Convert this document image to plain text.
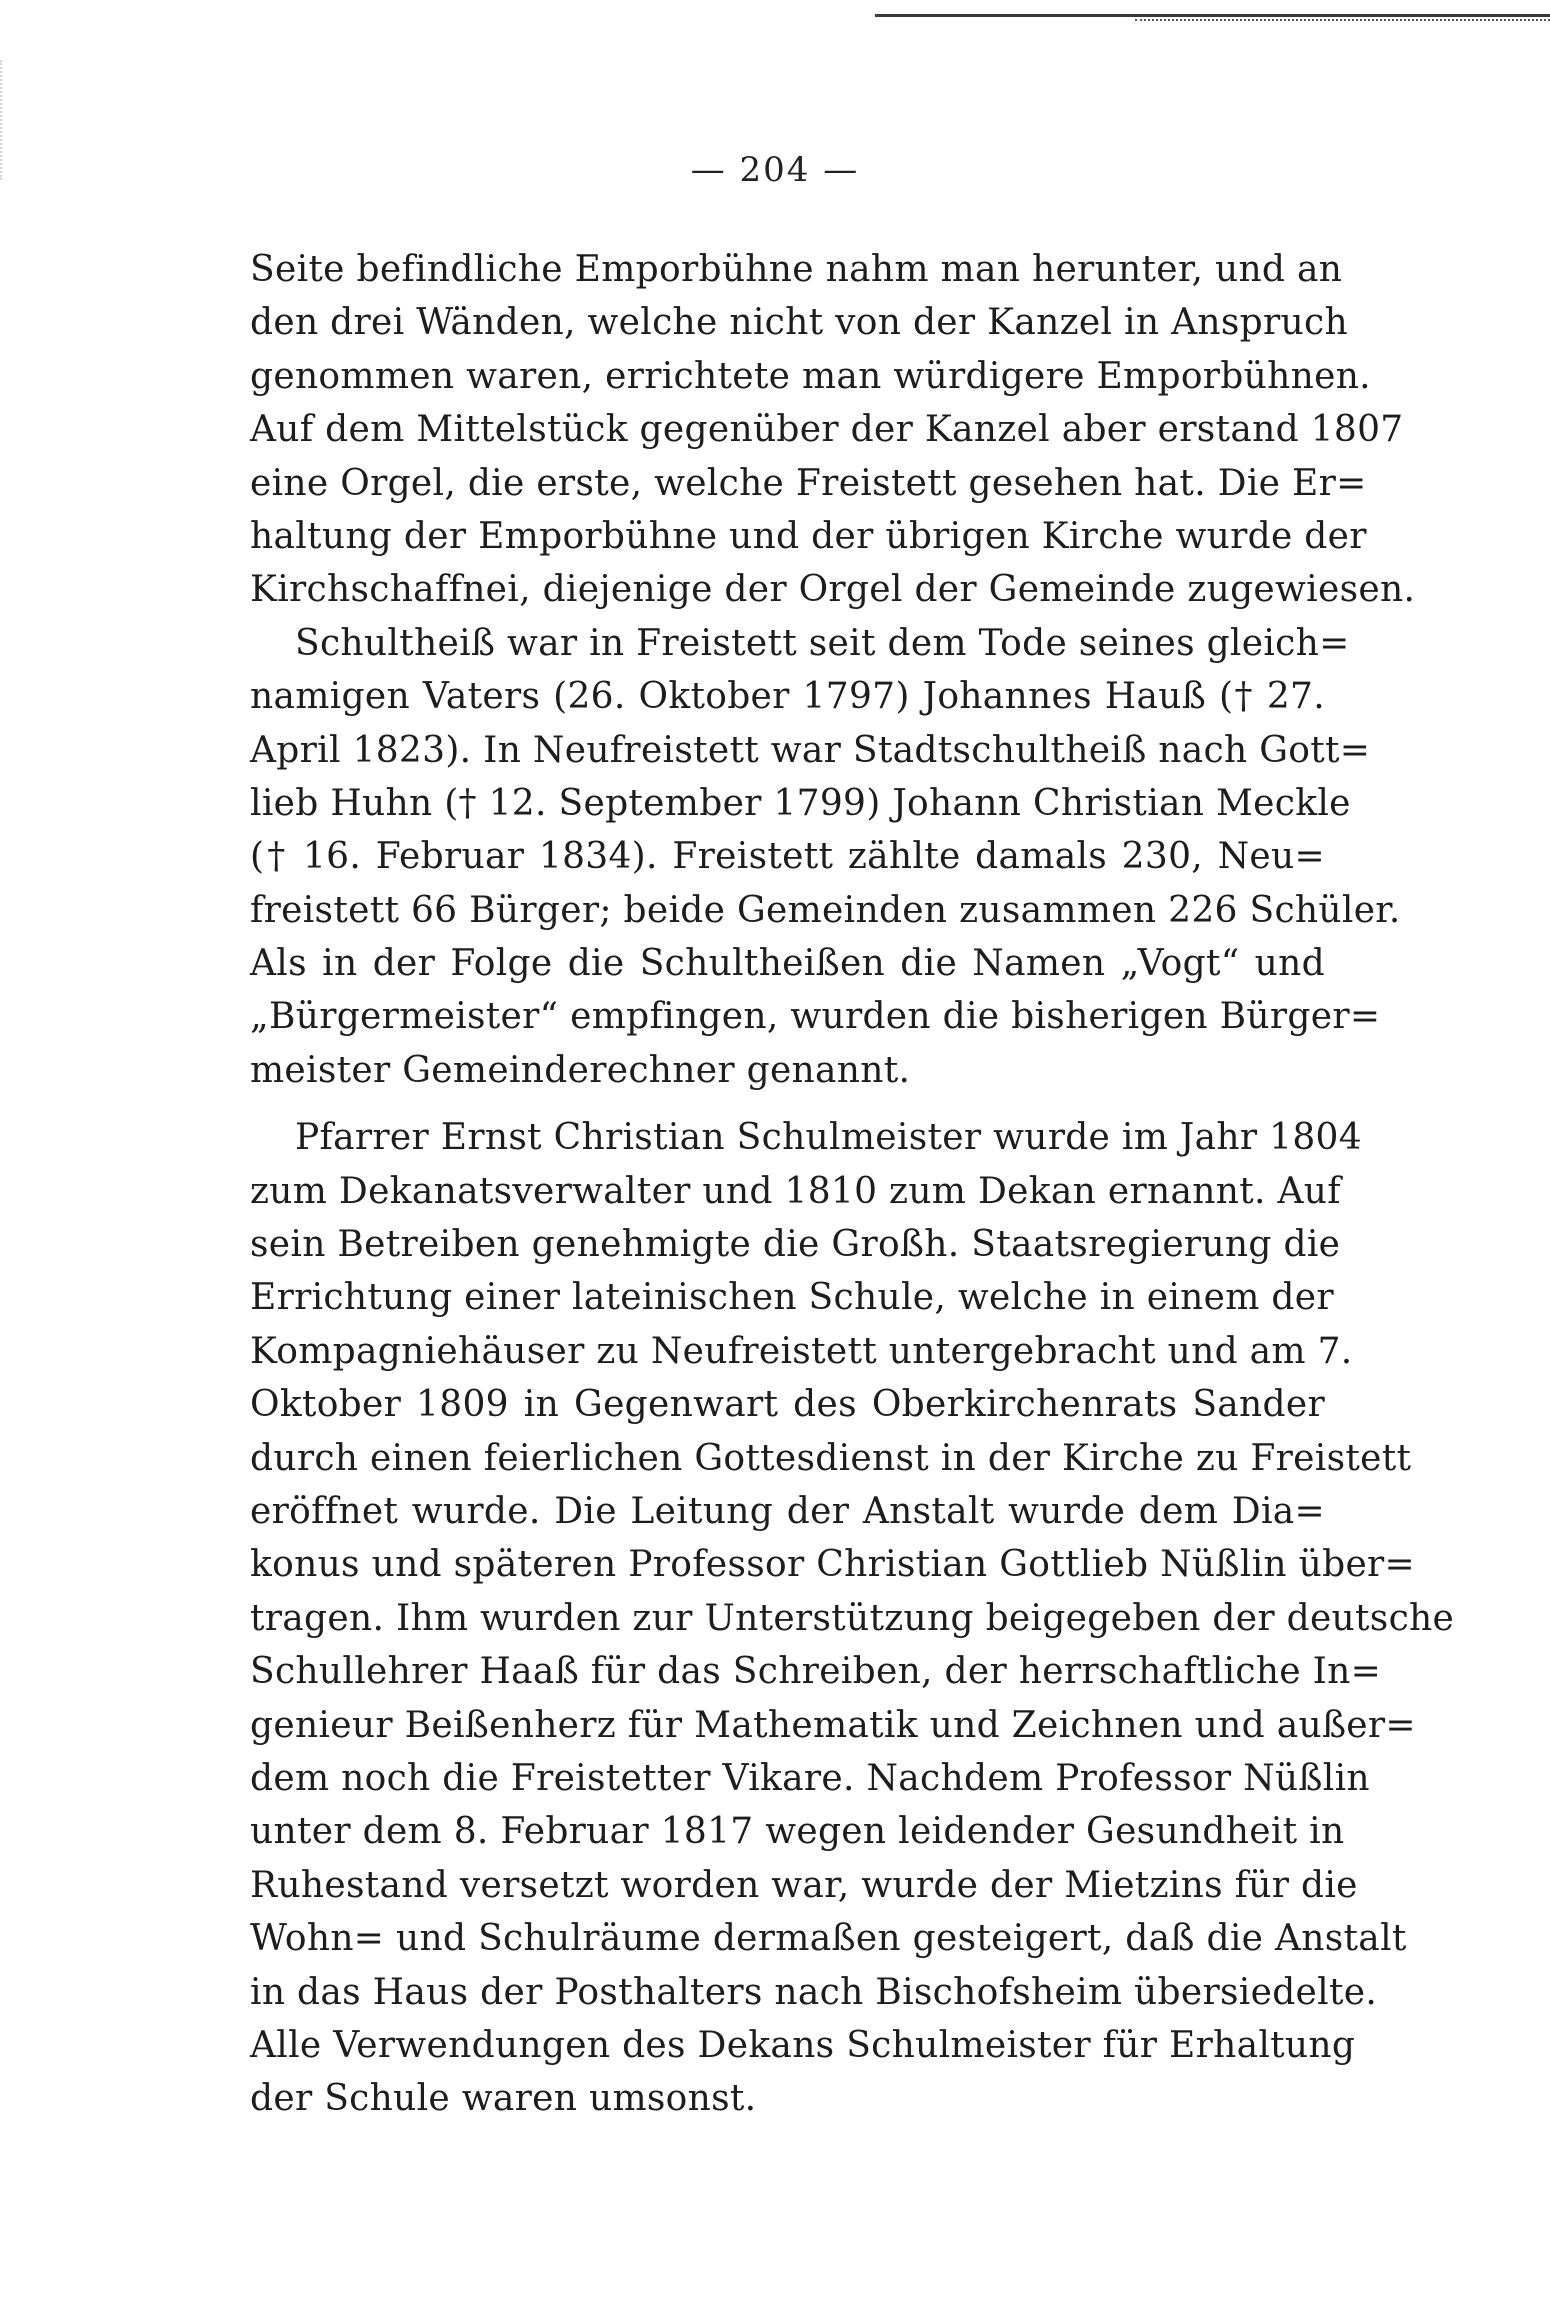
— 204 —
Seite befindliche Emporbühne nahm man herunter, und an
den drei Wänden, welche nicht von der Kanzel in Anspruch
genommen waren, errichtete man würdigere Emporbühnen.
Auf dem Mittelstück gegenüber der Kanzel aber erstand 1807
eine Orgel, die erste, welche Freistett gesehen hat. Die Er=
haltung der Emporbühne und der übrigen Kirche wurde der
Kirchschaffnei, diejenige der Orgel der Gemeinde zugewiesen.
Schultheiß war in Freistett seit dem Tode seines gleich=
namigen Vaters (26. Oktober 1797) Johannes Hauß († 27.
April 1823). In Neufreistett war Stadtschultheiß nach Gott=
lieb Huhn († 12. September 1799) Johann Christian Meckle
(† 16. Februar 1834). Freistett zählte damals 230, Neu=
freistett 66 Bürger; beide Gemeinden zusammen 226 Schüler.
Als in der Folge die Schultheißen die Namen „Vogt“ und
„Bürgermeister“ empfingen, wurden die bisherigen Bürger=
meister Gemeinderechner genannt.
Pfarrer Ernst Christian Schulmeister wurde im Jahr 1804
zum Dekanatsverwalter und 1810 zum Dekan ernannt. Auf
sein Betreiben genehmigte die Großh. Staatsregierung die
Errichtung einer lateinischen Schule, welche in einem der
Kompagniehäuser zu Neufreistett untergebracht und am 7.
Oktober 1809 in Gegenwart des Oberkirchenrats Sander
durch einen feierlichen Gottesdienst in der Kirche zu Freistett
eröffnet wurde. Die Leitung der Anstalt wurde dem Dia=
konus und späteren Professor Christian Gottlieb Nüßlin über=
tragen. Ihm wurden zur Unterstützung beigegeben der deutsche
Schullehrer Haaß für das Schreiben, der herrschaftliche In=
genieur Beißenherz für Mathematik und Zeichnen und außer=
dem noch die Freistetter Vikare. Nachdem Professor Nüßlin
unter dem 8. Februar 1817 wegen leidender Gesundheit in
Ruhestand versetzt worden war, wurde der Mietzins für die
Wohn= und Schulräume dermaßen gesteigert, daß die Anstalt
in das Haus der Posthalters nach Bischofsheim übersiedelte.
Alle Verwendungen des Dekans Schulmeister für Erhaltung
der Schule waren umsonst.
